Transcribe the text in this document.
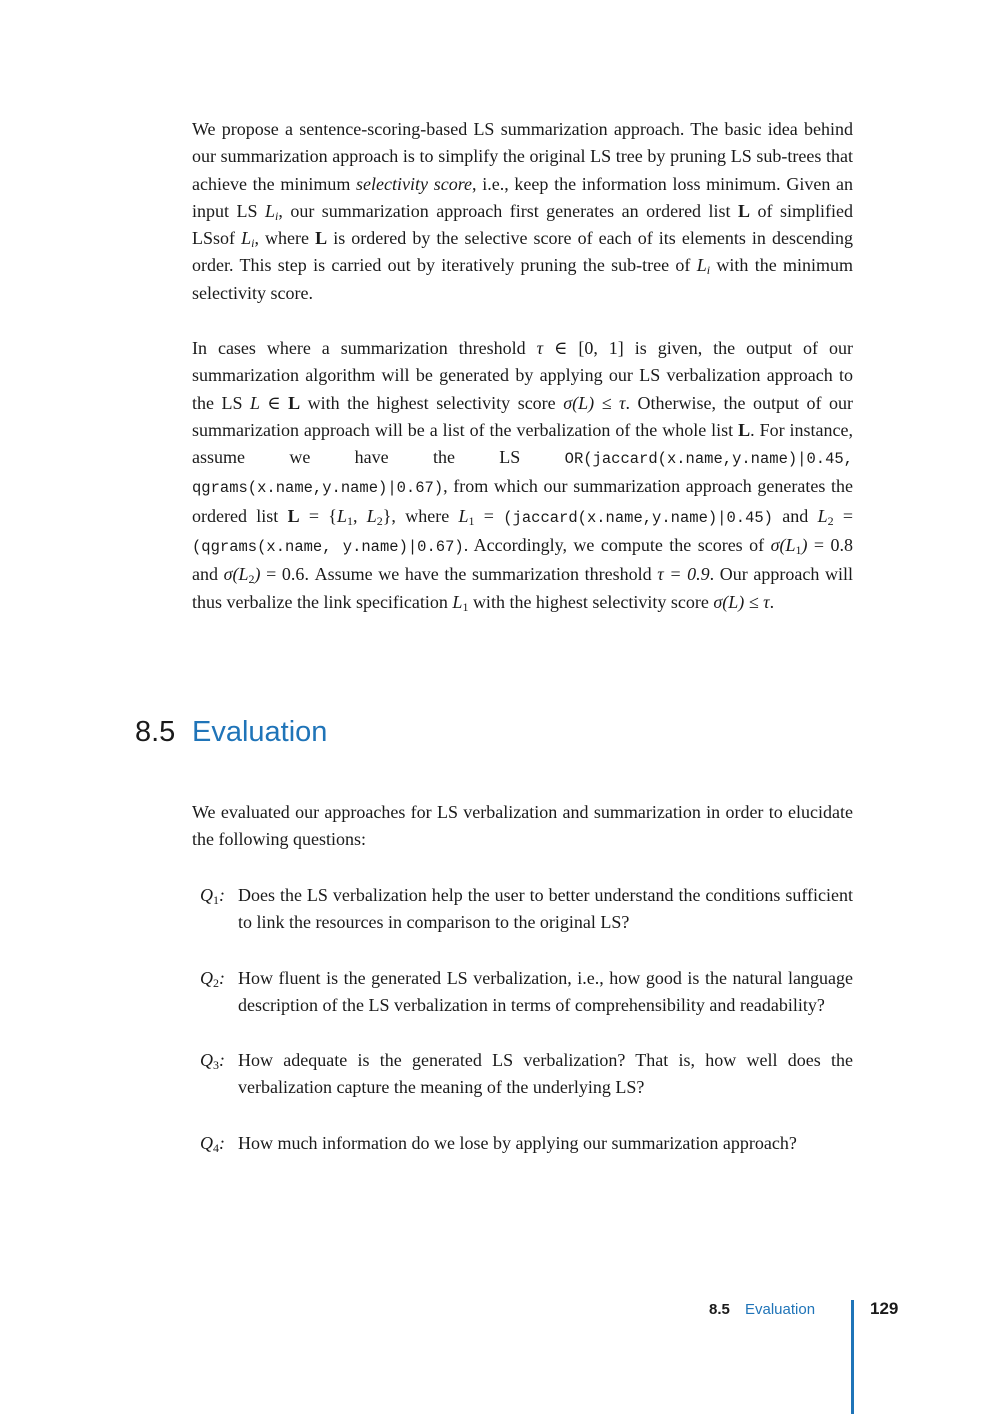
We propose a sentence-scoring-based LS summarization approach. The basic idea behind our summarization approach is to simplify the original LS tree by pruning LS sub-trees that achieve the minimum selectivity score, i.e., keep the information loss minimum. Given an input LS $L_i$, our summarization approach first generates an ordered list L of simplified LSsof $L_i$, where L is ordered by the selective score of each of its elements in descending order. This step is carried out by iteratively pruning the sub-tree of $L_i$ with the minimum selectivity score.

In cases where a summarization threshold τ ∈ [0, 1] is given, the output of our summarization algorithm will be generated by applying our LS verbalization approach to the LS L ∈ L with the highest selectivity score σ(L) ≤ τ. Otherwise, the output of our summarization approach will be a list of the verbalization of the whole list L. For instance, assume we have the LS OR(jaccard(x.name,y.name)|0.45, qgrams(x.name,y.name)|0.67), from which our summarization approach generates the ordered list $L = \{L_1$, $L_2$}, where $L_1$ = (jaccard(x.name,y.name)|0.45) and $L_2$ = (qgrams(x.name, y.name)|0.67). Accordingly, we compute the scores of $\sigma(L_1) = 0.8$ and $\sigma(L_2) = 0.6$. Assume we have the summarization threshold τ = 0.9. Our approach will thus verbalize the link specification $L_1$ with the highest selectivity score σ(L) ≤ τ.

8.5 Evaluation

We evaluated our approaches for LS verbalization and summarization in order to elucidate the following questions:

$Q_1$: Does the LS verbalization help the user to better understand the conditions sufficient to link the resources in comparison to the original LS?
$Q_2$: How fluent is the generated LS verbalization, i.e., how good is the natural language description of the LS verbalization in terms of comprehensibility and readability?
$Q_3$: How adequate is the generated LS verbalization? That is, how well does the verbalization capture the meaning of the underlying LS?
$Q_4$: How much information do we lose by applying our summarization approach?
8.5 Evaluation	129
